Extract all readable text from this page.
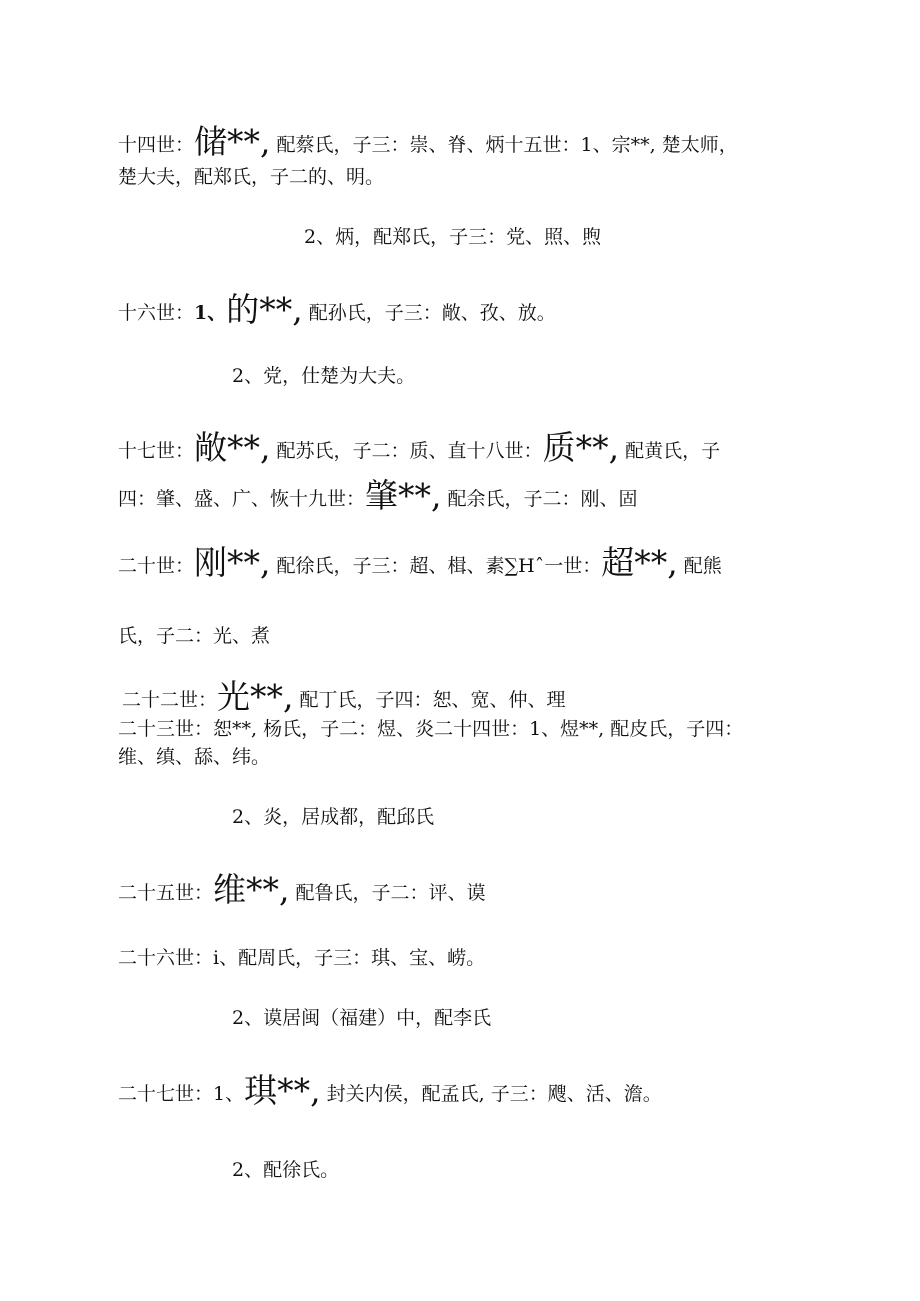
十四世：储**, 配蔡氏，子三：崇、脊、炳十五世：1、宗**, 楚太师，
楚大夫，配郑氏，子二的、明。
2、炳，配郑氏，子三：党、照、煦
十六世：1、的**, 配孙氏，子三：敞、孜、放。
2、党，仕楚为大夫。
十七世：敞**, 配苏氏，子二：质、直十八世：质**, 配黄氏，子
四：肇、盛、广、恢十九世：肇**, 配余氏，子二：刚、固
二十世：刚**, 配徐氏，子三：超、楫、素∑Hˆ一世：超**, 配熊
氏，子二：光、煮
二十二世：光**, 配丁氏，子四：恕、宽、仲、理
二十三世：恕**, 杨氏，子二：煜、炎二十四世：1、煜**, 配皮氏，子四：
维、缜、舔、纬。
2、炎，居成都，配邱氏
二十五世：维**, 配鲁氏，子二：评、谟
二十六世：i、配周氏，子三：琪、宝、崂。
2、谟居闽（福建）中，配李氏
二十七世：1、琪**, 封关内侯，配孟氏, 子三：飕、活、澹。
2、配徐氏。
